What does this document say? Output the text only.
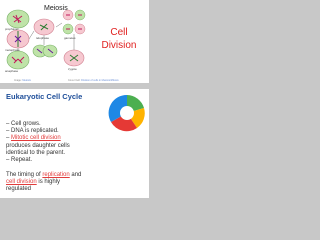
Meiosis
prophase
metaphase
anaphase
telophase	gametes
zygote
Cell
Division
Image: Meiosis	Cover Cell: Division of cells in Meiosis/Mitosis
Eukaryotic Cell Cycle
– Cell grows.
– DNA is replicated.
– Mitotic cell division
produces daughter cells
identical to the parent.
– Repeat.
The timing of replication and
cell division is highly
regulated
